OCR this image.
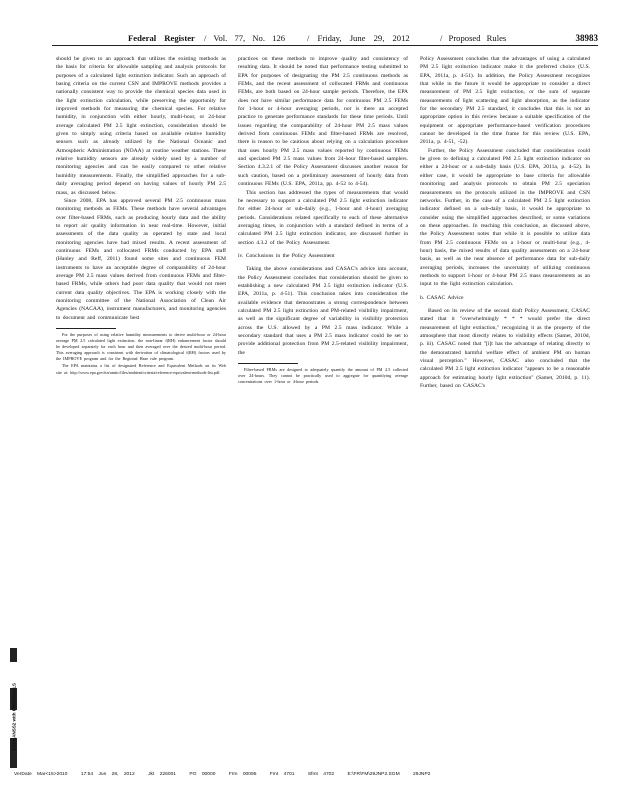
Federal Register / Vol. 77, No. 126	/ Friday, June 29, 2012	/ Proposed Rules	38983

should be given to an approach that utilizes the existing methods as the basis for criteria for allowable sampling and analysis protocols for purposes of a calculated light extinction indicator. Such an approach of basing criteria on the current CSN and IMPROVE methods provides a nationally consistent way to provide the chemical species data used in the light extinction calculation, while preserving the opportunity for improved methods for measuring the chemical species. For relative humidity, in conjunction with either hourly, multi-hour, or 24-hour average calculated PM 2.5 light extinction, consideration should be given to simply using criteria based on available relative humidity sensors such as already utilized by the National Oceanic and Atmospheric Administration (NOAA) at routine weather stations. These relative humidity sensors are already widely used by a number of monitoring agencies and can be easily compared to other relative humidity measurements. Finally, the simplified approaches for a sub-daily averaging period depend on having values of hourly PM 2.5 mass, as discussed below.

Since 2008, EPA has approved several PM 2.5 continuous mass monitoring methods as FEMs. These methods have several advantages over filter-based FRMs, such as producing hourly data and the ability to report air quality information in near real-time. However, initial assessments of the data quality as operated by state and local monitoring agencies have had mixed results. A recent assessment of continuous FEMs and collocated FRMs conducted by EPA staff (Hanley and Reff, 2011) found some sites and continuous FEM instruments to have an acceptable degree of comparability of 24-hour average PM 2.5 mass values derived from continuous FEMs and filter-based FRMs, while others had poor data quality that would not meet current data quality objectives. The EPA is working closely with the monitoring committee of the National Association of Clean Air Agencies (NACAA), instrument manufacturers, and monitoring agencies to document and communicate best

For the purposes of using relative humidity measurements to derive multi-hour or 24-hour average PM 2.5 calculated light extinction, the non-linear f(RH) enhancement factor should be developed separately for each hour and then averaged over the desired multi-hour period. This averaging approach is consistent with derivation of climatological f(RH) factors used by the IMPROVE program and for the Regional Haze rule program.

The EPA maintains a list of designated Reference and Equivalent Methods on its Web site at: http://www.epa.gov/ttn/amtic/files/ambient/criteria/reference-equivalent-methods-list.pdf.

practices on these methods to improve quality and consistency of resulting data. It should be noted that performance testing submitted to EPA for purposes of designating the PM 2.5 continuous methods as FEMs, and the recent assessment of collocated FRMs and continuous FEMs, are both based on 24-hour sample periods. Therefore, the EPA does not have similar performance data for continuous PM 2.5 FEMs for 1-hour or 4-hour averaging periods, nor is there an accepted practice to generate performance standards for these time periods. Until issues regarding the comparability of 24-hour PM 2.5 mass values derived from continuous FEMs and filter-based FRMs are resolved, there is reason to be cautious about relying on a calculation procedure that uses hourly PM 2.5 mass values reported by continuous FEMs and speciated PM 2.5 mass values from 24-hour filter-based samplers. Section 4.3.2.1 of the Policy Assessment discusses another reason for such caution, based on a preliminary assessment of hourly data from continuous FEMs (U.S. EPA, 2011a, pp. 4-52 to 4-54).

This section has addressed the types of measurements that would be necessary to support a calculated PM 2.5 light extinction indicator for either 24-hour or sub-daily (e.g., 1-hour and 4-hour) averaging periods. Considerations related specifically to each of these alternative averaging times, in conjunction with a standard defined in terms of a calculated PM 2.5 light extinction indicator, are discussed further in section 4.3.2 of the Policy Assessment.

iv. Conclusions in the Policy Assessment

Taking the above considerations and CASAC's advice into account, the Policy Assessment concludes that consideration should be given to establishing a new calculated PM 2.5 light extinction indicator (U.S. EPA, 2011a, p. 4-51). This conclusion takes into consideration the available evidence that demonstrates a strong correspondence between calculated PM 2.5 light extinction and PM-related visibility impairment, as well as the significant degree of variability in visibility protection across the U.S. allowed by a PM 2.5 mass indicator. While a secondary standard that uses a PM 2.5 mass indicator could be set to provide additional protection from PM 2.5-related visibility impairment, the

Filter-based FRMs are designed to adequately quantify the amount of PM 2.5 collected over 24-hours. They cannot be practically used to aggregate for quantifying average concentrations over 1-hour or 4-hour periods.

Policy Assessment concludes that the advantages of using a calculated PM 2.5 light extinction indicator make it the preferred choice (U.S. EPA, 2011a, p. 4-51). In addition, the Policy Assessment recognizes that while in the future it would be appropriate to consider a direct measurement of PM 2.5 light extinction, or the sum of separate measurements of light scattering and light absorption, as the indicator for the secondary PM 2.5 standard, it concludes that this is not an appropriate option in this review because a suitable specification of the equipment or appropriate performance-based verification procedures cannot be developed in the time frame for this review (U.S. EPA, 2011a, p. 4-51, -52).

Further, the Policy Assessment concluded that consideration could be given to defining a calculated PM 2.5 light extinction indicator on either a 24-hour or a sub-daily basis (U.S. EPA, 2011a, p. 4-52). In either case, it would be appropriate to base criteria for allowable monitoring and analysis protocols to obtain PM 2.5 speciation measurements on the protocols utilized in the IMPROVE and CSN networks. Further, in the case of a calculated PM 2.5 light extinction indicator defined on a sub-daily basis, it would be appropriate to consider using the simplified approaches described, or some variations on these approaches. In reaching this conclusion, as discussed above, the Policy Assessment notes that while it is possible to utilize data from PM 2.5 continuous FEMs on a 1-hour or multi-hour (e.g., 4-hour) basis, the mixed results of data quality assessments on a 24-hour basis, as well as the near absence of performance data for sub-daily averaging periods, increases the uncertainty of utilizing continuous methods to support 1-hour or 4-hour PM 2.5 mass measurements as an input to the light extinction calculation.

b. CASAC Advice

Based on its review of the second draft Policy Assessment, CASAC stated that it "overwhelmingly * * * would prefer the direct measurement of light extinction," recognizing it as the property of the atmosphere that most directly relates to visibility effects (Samet, 2010d, p. iii). CASAC noted that "[i]t has the advantage of relating directly to the demonstrated harmful welfare effect of ambient PM on human visual perception." However, CASAC also concluded that the calculated PM 2.5 light extinction indicator "appears to be a reasonable approach for estimating hourly light extinction" (Samet, 2010d, p. 11). Further, based on CASAC's

ESPMANSS2 with PROPOSALS
VerDate Mar<15>2010	17:54 Jun 28, 2012	Jkt 226001	PO 00000	Frm 00095	Fmt 4701	Sfmt 4702	E:\FR\FM\29JNP2.SGM	29JNP2
